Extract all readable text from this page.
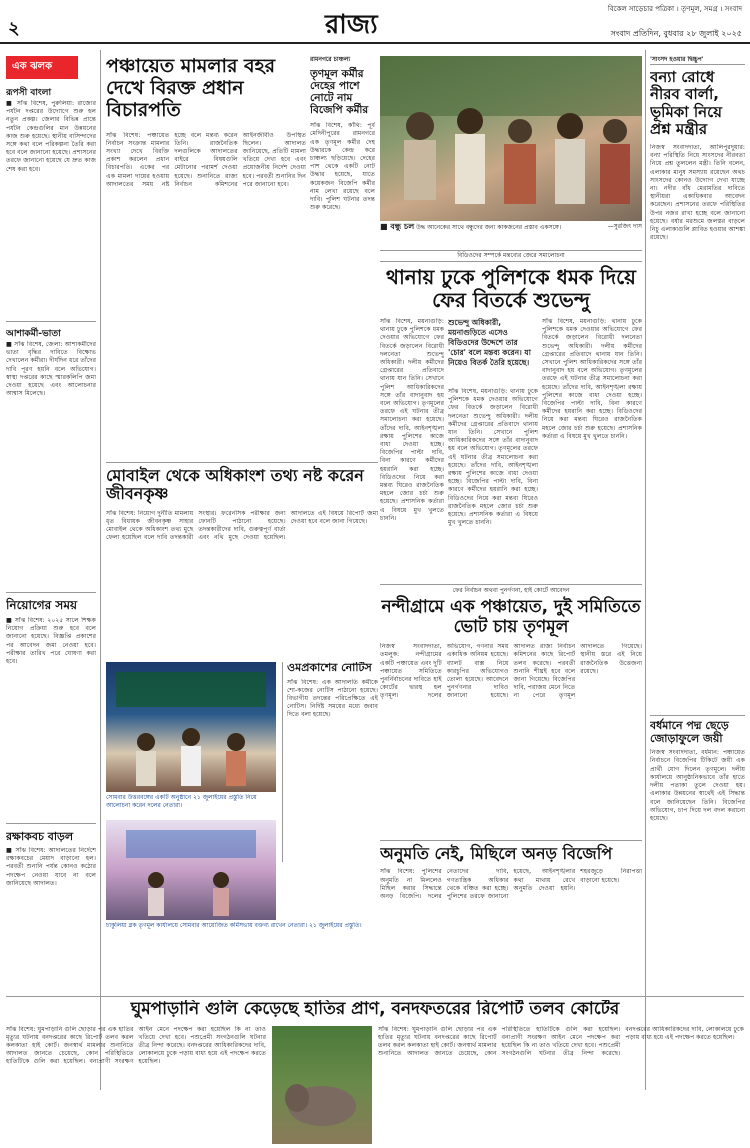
২	রাজ্য
বিকেল সাড়েচার পত্রিকা । তৃণমূল, সমগ্র । সংবাদ
সংবাদ প্রতিদিন, বুধবার ২৮ জুলাই ২০২৫
এক ঝলক
রূপসী বাংলা
■ সাঁঝ বিশেষ, পুরুলিয়া: রাজ্যের পর্যটন দপ্তরের উদ্যোগে শুরু হল নতুন প্রকল্প। জেলার বিভিন্ন প্রান্তে পর্যটন কেন্দ্রগুলির মান উন্নয়নের কাজ শুরু হয়েছে। স্থানীয় বাসিন্দাদের সঙ্গে কথা বলে পরিকল্পনা তৈরি করা হবে বলে জানানো হয়েছে। প্রশাসনের তরফে জানানো হয়েছে যে দ্রুত কাজ শেষ করা হবে।
আশাকর্মী-ভাতা
■ সাঁঝ বিশেষ, জেলা: আশাকর্মীদের ভাতা বৃদ্ধির দাবিতে বিক্ষোভ দেখালেন কর্মীরা। দীর্ঘদিন ধরে তাঁদের দাবি পূরণ হয়নি বলে অভিযোগ। স্বাস্থ্য দপ্তরের কাছে স্মারকলিপি জমা দেওয়া হয়েছে এবং আলোচনার আশ্বাস মিলেছে।
নিয়োগের সময়
■ সাঁঝ বিশেষ: ২০২৫ সালে শিক্ষক নিয়োগ প্রক্রিয়া শুরু হবে বলে জানানো হয়েছে। বিজ্ঞপ্তি প্রকাশের পর আবেদন জমা নেওয়া হবে। পরীক্ষার তারিখ পরে ঘোষণা করা হবে।
রক্ষাকবচ বাড়ল
■ সাঁঝ বিশেষ: আদালতের নির্দেশে রক্ষাকবচের মেয়াদ বাড়ানো হল। পরবর্তী শুনানি পর্যন্ত কোনও কঠোর পদক্ষেপ নেওয়া যাবে না বলে জানিয়েছে আদালত।
পঞ্চায়েত মামলার বহর দেখে বিরক্ত প্রধান বিচারপতি
সাঁঝ বিশেষ: পঞ্চায়েত নির্বাচন সংক্রান্ত মামলার সংখ্যা দেখে বিরক্তি প্রকাশ করলেন প্রধান বিচারপতি। একের পর এক মামলা দায়ের হওয়ায় আদালতের সময় নষ্ট হচ্ছে বলে মন্তব্য করেন তিনি। রাজনৈতিক দলগুলিকে আদালতের বাইরে বিষয়গুলি মেটানোর পরামর্শ দেওয়া হয়েছে। শুনানিতে রাজ্য নির্বাচন কমিশনের আইনজীবীও উপস্থিত ছিলেন। আদালত জানিয়েছে, প্রতিটি মামলা খতিয়ে দেখা হবে এবং প্রয়োজনীয় নির্দেশ দেওয়া হবে। পরবর্তী শুনানির দিন পরে জানানো হবে।
রামনগরে চাঞ্চল্য
তৃণমূল কর্মীর দেহের পাশে নোটে নাম বিজেপি কর্মীর
সাঁঝ বিশেষ, কাঁথি: পূর্ব মেদিনীপুরের রামনগরে এক তৃণমূল কর্মীর দেহ উদ্ধারকে কেন্দ্র করে চাঞ্চল্য ছড়িয়েছে। দেহের পাশ থেকে একটি নোট উদ্ধার হয়েছে, যাতে কয়েকজন বিজেপি কর্মীর নাম লেখা রয়েছে বলে দাবি। পুলিশ ঘটনার তদন্ত শুরু করেছে।
■ বন্ধু চল উদ্ধ আনেকের সাথে বন্ধুদের জন্য কাকজনের প্রস্তাব একসঙ্গে।	—সুরজিৎ দাস
'সাংসদ হওয়ার দ্বিচ্চুপ'
বন্যা রোধে নীরব বার্লা, ভূমিকা নিয়ে প্রশ্ন মন্ত্রীর
নিজস্ব সংবাদদাতা, আলিপুরদুয়ার: বন্যা পরিস্থিতি নিয়ে সাংসদের নীরবতা নিয়ে প্রশ্ন তুললেন মন্ত্রী। তিনি বলেন, এলাকার মানুষ সমস্যায় রয়েছেন অথচ সাংসদের কোনও উদ্যোগ দেখা যাচ্ছে না। নদীর বাঁধ মেরামতির দাবিতে স্থানীয়রা একাধিকবার আবেদন করেছেন। প্রশাসনের তরফে পরিস্থিতির উপর নজর রাখা হচ্ছে বলে জানানো হয়েছে। বর্ষার মরশুমে জলস্তর বাড়লে নিচু এলাকাগুলি প্লাবিত হওয়ার আশঙ্কা রয়েছে।
বিডিওদের সম্পর্কে মন্তব্যের জেরে সমালোচনা
থানায় ঢুকে পুলিশকে ধমক দিয়ে ফের বিতর্কে শুভেন্দু
সাঁঝ বিশেষ, ময়নাগুড়ি: থানায় ঢুকে পুলিশকে ধমক দেওয়ার অভিযোগে ফের বিতর্কে জড়ালেন বিরোধী দলনেতা শুভেন্দু অধিকারী। দলীয় কর্মীদের গ্রেপ্তারের প্রতিবাদে থানায় যান তিনি। সেখানে পুলিশ আধিকারিকদের সঙ্গে তাঁর বাদানুবাদ হয় বলে অভিযোগ। তৃণমূলের তরফে এই ঘটনার তীব্র সমালোচনা করা হয়েছে। তাঁদের দাবি, আইনশৃঙ্খলা রক্ষায় পুলিশের কাজে বাধা দেওয়া হচ্ছে। বিজেপির পাল্টা দাবি, বিনা কারণে কর্মীদের হয়রানি করা হচ্ছে। বিডিওদের নিয়ে করা মন্তব্য ঘিরেও রাজনৈতিক মহলে জোর চর্চা শুরু হয়েছে। প্রশাসনিক কর্তারা এ বিষয়ে মুখ খুলতে চাননি।
শুভেন্দু অধিকারী, ময়নাগুড়িতে এসেও বিডিওদের উদ্দেশে তার 'চোর' বলে মন্তব্য করেন। যা নিয়েও বিতর্ক তৈরি হয়েছে।
সাঁঝ বিশেষ, ময়নাগুড়ি: থানায় ঢুকে পুলিশকে ধমক দেওয়ার অভিযোগে ফের বিতর্কে জড়ালেন বিরোধী দলনেতা শুভেন্দু অধিকারী। দলীয় কর্মীদের গ্রেপ্তারের প্রতিবাদে থানায় যান তিনি। সেখানে পুলিশ আধিকারিকদের সঙ্গে তাঁর বাদানুবাদ হয় বলে অভিযোগ। তৃণমূলের তরফে এই ঘটনার তীব্র সমালোচনা করা হয়েছে। তাঁদের দাবি, আইনশৃঙ্খলা রক্ষায় পুলিশের কাজে বাধা দেওয়া হচ্ছে। বিজেপির পাল্টা দাবি, বিনা কারণে কর্মীদের হয়রানি করা হচ্ছে। বিডিওদের নিয়ে করা মন্তব্য ঘিরেও রাজনৈতিক মহলে জোর চর্চা শুরু হয়েছে। প্রশাসনিক কর্তারা এ বিষয়ে মুখ খুলতে চাননি।
সাঁঝ বিশেষ, ময়নাগুড়ি: থানায় ঢুকে পুলিশকে ধমক দেওয়ার অভিযোগে ফের বিতর্কে জড়ালেন বিরোধী দলনেতা শুভেন্দু অধিকারী। দলীয় কর্মীদের গ্রেপ্তারের প্রতিবাদে থানায় যান তিনি। সেখানে পুলিশ আধিকারিকদের সঙ্গে তাঁর বাদানুবাদ হয় বলে অভিযোগ। তৃণমূলের তরফে এই ঘটনার তীব্র সমালোচনা করা হয়েছে। তাঁদের দাবি, আইনশৃঙ্খলা রক্ষায় পুলিশের কাজে বাধা দেওয়া হচ্ছে। বিজেপির পাল্টা দাবি, বিনা কারণে কর্মীদের হয়রানি করা হচ্ছে। বিডিওদের নিয়ে করা মন্তব্য ঘিরেও রাজনৈতিক মহলে জোর চর্চা শুরু হয়েছে। প্রশাসনিক কর্তারা এ বিষয়ে মুখ খুলতে চাননি।
মোবাইল থেকে অধিকাংশ তথ্য নষ্ট করেন জীবনকৃষ্ণ
সাঁঝ বিশেষ: নিয়োগ দুর্নীতি মামলায় ধৃত বিধায়ক জীবনকৃষ্ণ সাহার মোবাইল থেকে অধিকাংশ তথ্য মুছে ফেলা হয়েছিল বলে দাবি তদন্তকারী সংস্থার। ফরেনসিক পরীক্ষার জন্য ফোনটি পাঠানো হয়েছে। তদন্তকারীদের দাবি, গুরুত্বপূর্ণ বার্তা এবং নথি মুছে দেওয়া হয়েছিল। আদালতে এই বিষয়ে রিপোর্ট জমা দেওয়া হবে বলে জানা গিয়েছে।
সোমবার উত্তরবঙ্গের একটি অনুষ্ঠানে ২১ জুলাইয়ের প্রস্তুতি নিয়ে আলোচনা করেন দলের নেতারা।
ওমপ্রকাশের নোটিস
সাঁঝ বিশেষ: এক আদালতি কর্মীকে শো-কজের নোটিস পাঠানো হয়েছে। বিভাগীয় তদন্তের পরিপ্রেক্ষিতে এই নোটিস। নির্দিষ্ট সময়ের মধ্যে জবাব দিতে বলা হয়েছে।
চাকুলিয়া ব্লক তৃণমূল কার্যালয়ে সোমবার আয়োজিত কর্মিসভায় বক্তব্য রাখেন নেতারা। ২১ জুলাইয়ের প্রস্তুতি।
ফের নির্বাচন অথবা পুনর্গণনা, হাই কোর্টে আবেদন
নন্দীগ্রামে এক পঞ্চায়েত, দুই সমিতিতে ভোট চায় তৃণমূল
নিজস্ব সংবাদদাতা, তমলুক: নন্দীগ্রামের একটি পঞ্চায়েত এবং দুটি পঞ্চায়েত সমিতিতে পুনর্নির্বাচনের দাবিতে হাই কোর্টের দ্বারস্থ হল তৃণমূল। দলের অভিযোগ, গণনার সময় একাধিক অনিয়ম হয়েছে। ব্যালট বাক্স নিয়ে কারচুপির অভিযোগও তোলা হয়েছে। আবেদনে পুনর্গণনার দাবিও জানানো হয়েছে। আদালত রাজ্য নির্বাচন কমিশনের কাছে রিপোর্ট তলব করেছে। পরবর্তী শুনানি শীঘ্রই হবে বলে জানা গিয়েছে। বিজেপির দাবি, পরাজয় মেনে নিতে না পেরে তৃণমূল আদালতে গিয়েছে। স্থানীয় স্তরে এই নিয়ে রাজনৈতিক উত্তেজনা রয়েছে।
অনুমতি নেই, মিছিলে অনড় বিজেপি
সাঁঝ বিশেষ: পুলিশের অনুমতি না মিললেও মিছিল করার সিদ্ধান্তে অনড় বিজেপি। দলের নেতাদের দাবি, গণতান্ত্রিক অধিকার থেকে বঞ্চিত করা হচ্ছে। পুলিশের তরফে জানানো হয়েছে, আইনশৃঙ্খলার কথা মাথায় রেখে অনুমতি দেওয়া হয়নি। শহরজুড়ে নিরাপত্তা বাড়ানো হয়েছে।
বর্ধমানে পদ্ম ছেড়ে জোড়াফুলে জয়ী
নিজস্ব সংবাদদাতা, বর্ধমান: পঞ্চায়েত নির্বাচনে বিজেপির টিকিটে জয়ী এক প্রার্থী যোগ দিলেন তৃণমূলে। দলীয় কার্যালয়ে আনুষ্ঠানিকভাবে তাঁর হাতে দলীয় পতাকা তুলে দেওয়া হয়। এলাকার উন্নয়নের স্বার্থেই এই সিদ্ধান্ত বলে জানিয়েছেন তিনি। বিজেপির অভিযোগ, চাপ দিয়ে দল বদল করানো হয়েছে।
ঘুমপাড়ানি গুলি কেড়েছে হাতির প্রাণ, বনদফতরের রিপোর্ট তলব কোর্টের
সাঁঝ বিশেষ: ঘুমপাড়ানি গুলি ছোড়ার পর এক হাতির মৃত্যুর ঘটনায় বনদপ্তরের কাছে রিপোর্ট তলব করল কলকাতা হাই কোর্ট। জনস্বার্থ মামলার শুনানিতে আদালত জানতে চেয়েছে, কোন পরিস্থিতিতে হাতিটিকে গুলি করা হয়েছিল। বন্যপ্রাণী সংরক্ষণ আইন মেনে পদক্ষেপ করা হয়েছিল কি না তাও খতিয়ে দেখা হবে। পশুপ্রেমী সংগঠনগুলি ঘটনার তীব্র নিন্দা করেছে। বনদপ্তরের আধিকারিকদের দাবি, লোকালয়ে ঢুকে পড়ায় বাধ্য হয়ে এই পদক্ষেপ করতে হয়েছিল।
সাঁঝ বিশেষ: ঘুমপাড়ানি গুলি ছোড়ার পর এক হাতির মৃত্যুর ঘটনায় বনদপ্তরের কাছে রিপোর্ট তলব করল কলকাতা হাই কোর্ট। জনস্বার্থ মামলার শুনানিতে আদালত জানতে চেয়েছে, কোন পরিস্থিতিতে হাতিটিকে গুলি করা হয়েছিল। বন্যপ্রাণী সংরক্ষণ আইন মেনে পদক্ষেপ করা হয়েছিল কি না তাও খতিয়ে দেখা হবে। পশুপ্রেমী সংগঠনগুলি ঘটনার তীব্র নিন্দা করেছে। বনদপ্তরের আধিকারিকদের দাবি, লোকালয়ে ঢুকে পড়ায় বাধ্য হয়ে এই পদক্ষেপ করতে হয়েছিল।
